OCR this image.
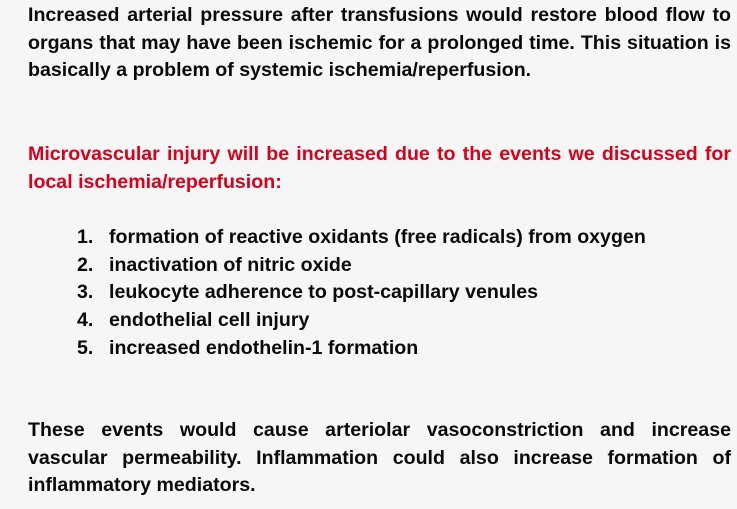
Increased arterial pressure after transfusions would restore blood flow to organs that may have been ischemic for a prolonged time. This situation is basically a problem of systemic ischemia/reperfusion.

Microvascular injury will be increased due to the events we discussed for local ischemia/reperfusion:

1. formation of reactive oxidants (free radicals) from oxygen
2. inactivation of nitric oxide
3. leukocyte adherence to post-capillary venules
4. endothelial cell injury
5. increased endothelin-1 formation

These events would cause arteriolar vasoconstriction and increase vascular permeability. Inflammation could also increase formation of inflammatory mediators.
